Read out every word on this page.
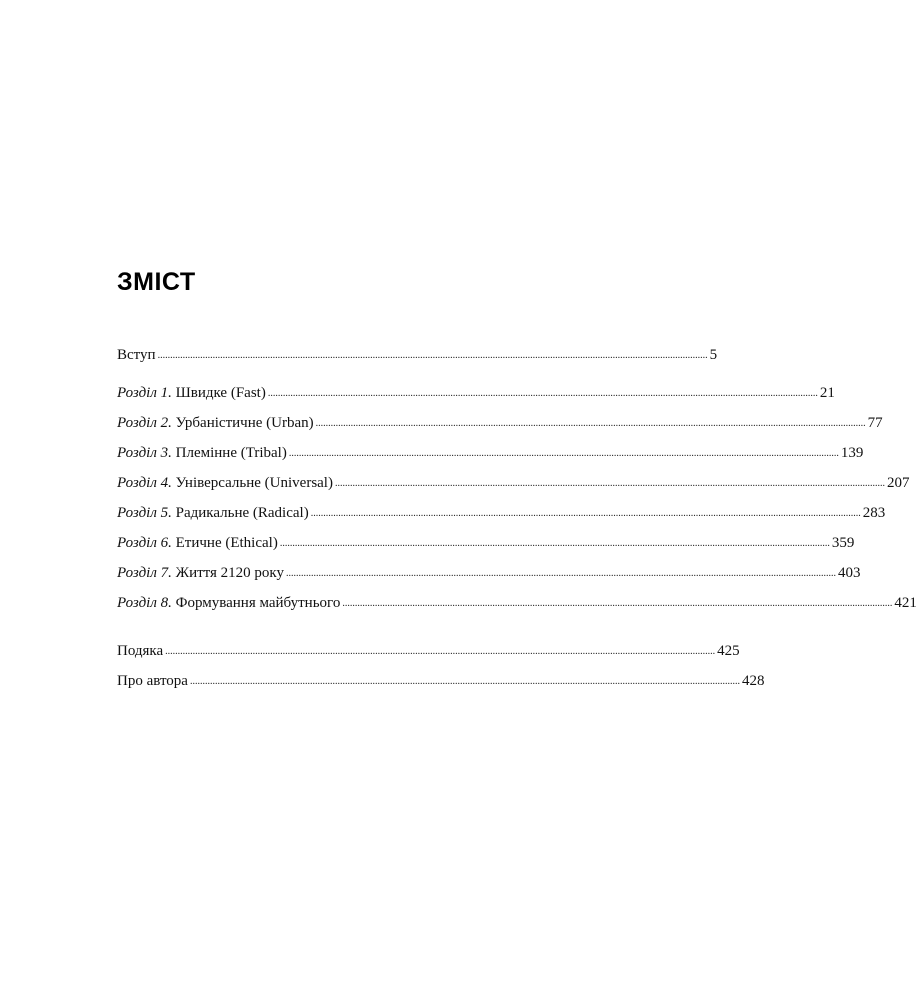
ЗМІСТ
Вступ ............................................................................................................................................................................................................................ 5
Розділ 1. Швидке (Fast) ............................................................................................................................................................................................................................ 21
Розділ 2. Урбаністичне (Urban) ............................................................................................................................................................................................................................ 77
Розділ 3. Племінне (Tribal) ............................................................................................................................................................................................................................ 139
Розділ 4. Універсальне (Universal) ............................................................................................................................................................................................................................ 207
Розділ 5. Радикальне (Radical) ............................................................................................................................................................................................................................ 283
Розділ 6. Етичне (Ethical) ............................................................................................................................................................................................................................ 359
Розділ 7. Життя 2120 року ............................................................................................................................................................................................................................ 403
Розділ 8. Формування майбутнього ............................................................................................................................................................................................................................ 421
Подяка ............................................................................................................................................................................................................................ 425
Про автора ............................................................................................................................................................................................................................ 428
